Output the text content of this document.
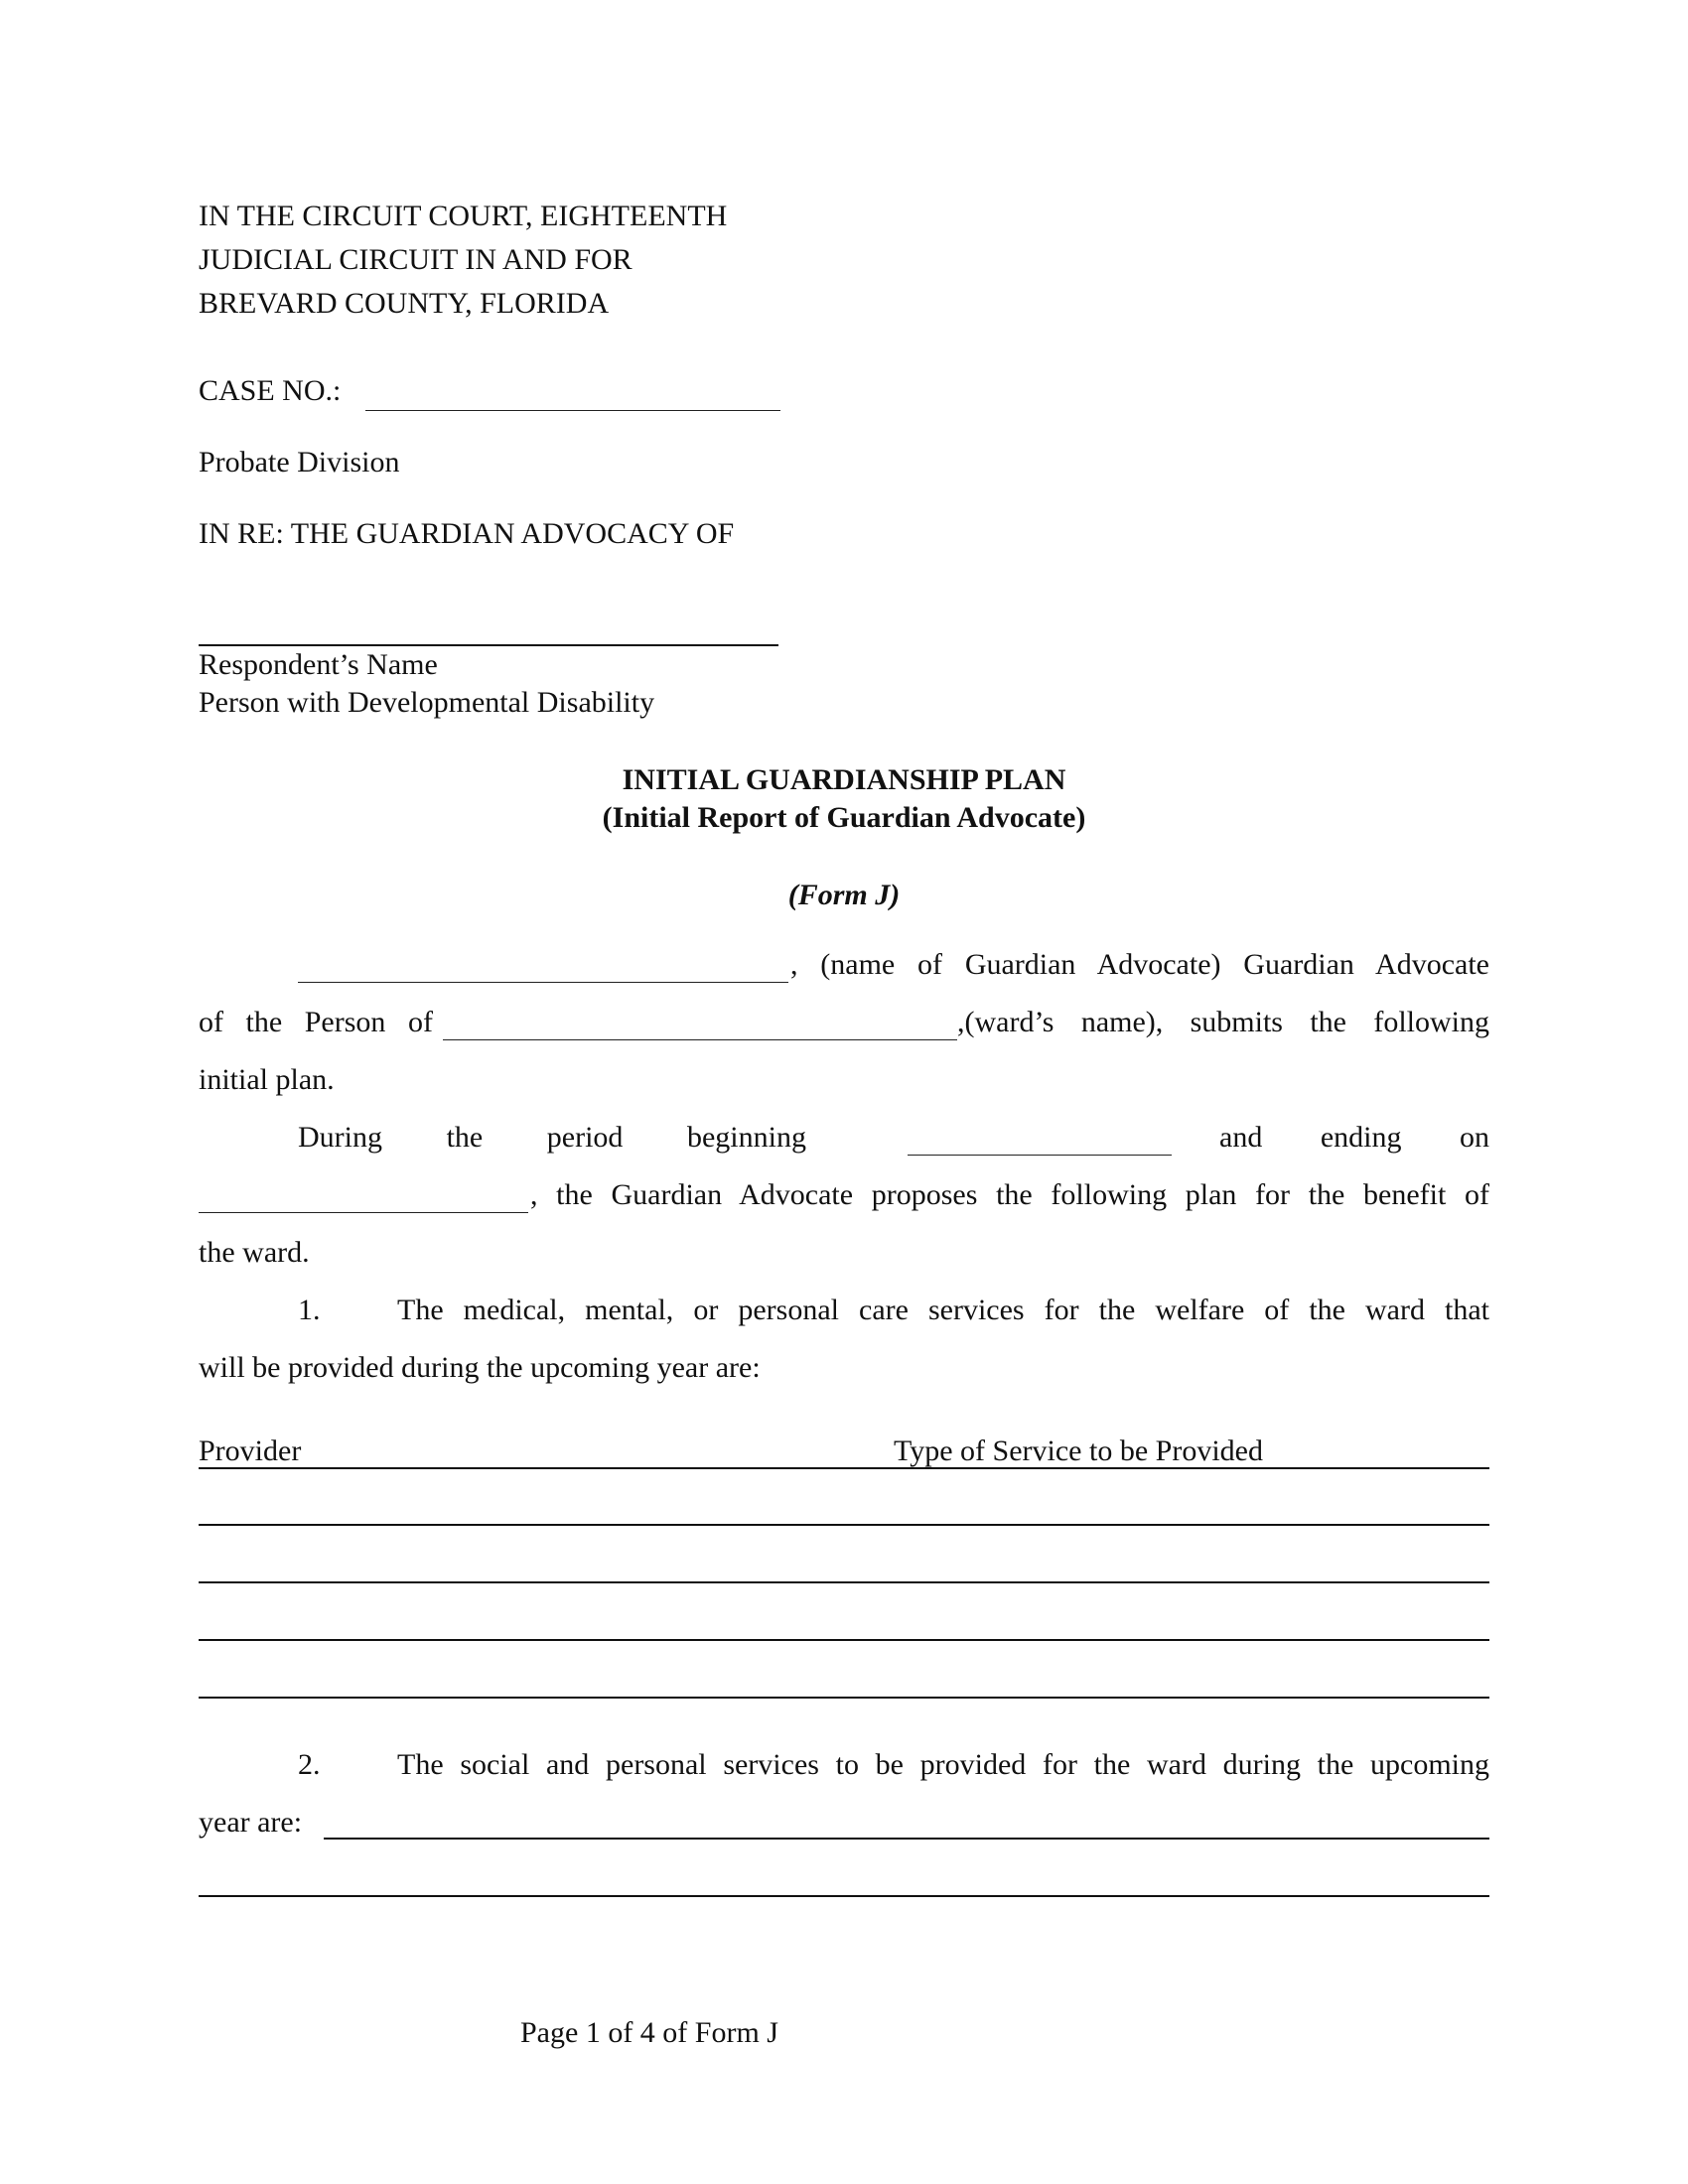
IN THE CIRCUIT COURT, EIGHTEENTH
JUDICIAL CIRCUIT IN AND FOR
BREVARD COUNTY, FLORIDA
CASE NO.:
Probate Division
IN RE: THE GUARDIAN ADVOCACY OF
Respondent’s Name
Person with Developmental Disability
INITIAL GUARDIANSHIP PLAN
(Initial Report of Guardian Advocate)
(Form J)
, (name of Guardian Advocate) Guardian Advocate
of the Person of	,(ward’s name), submits the following
initial plan.
During the period beginning	and ending on
, the Guardian Advocate proposes the following plan for the benefit of
the ward.
1.	The medical, mental, or personal care services for the welfare of the ward that
will be provided during the upcoming year are:
Provider	Type of Service to be Provided
2.	The social and personal services to be provided for the ward during the upcoming
year are:
Page 1 of 4 of Form J
